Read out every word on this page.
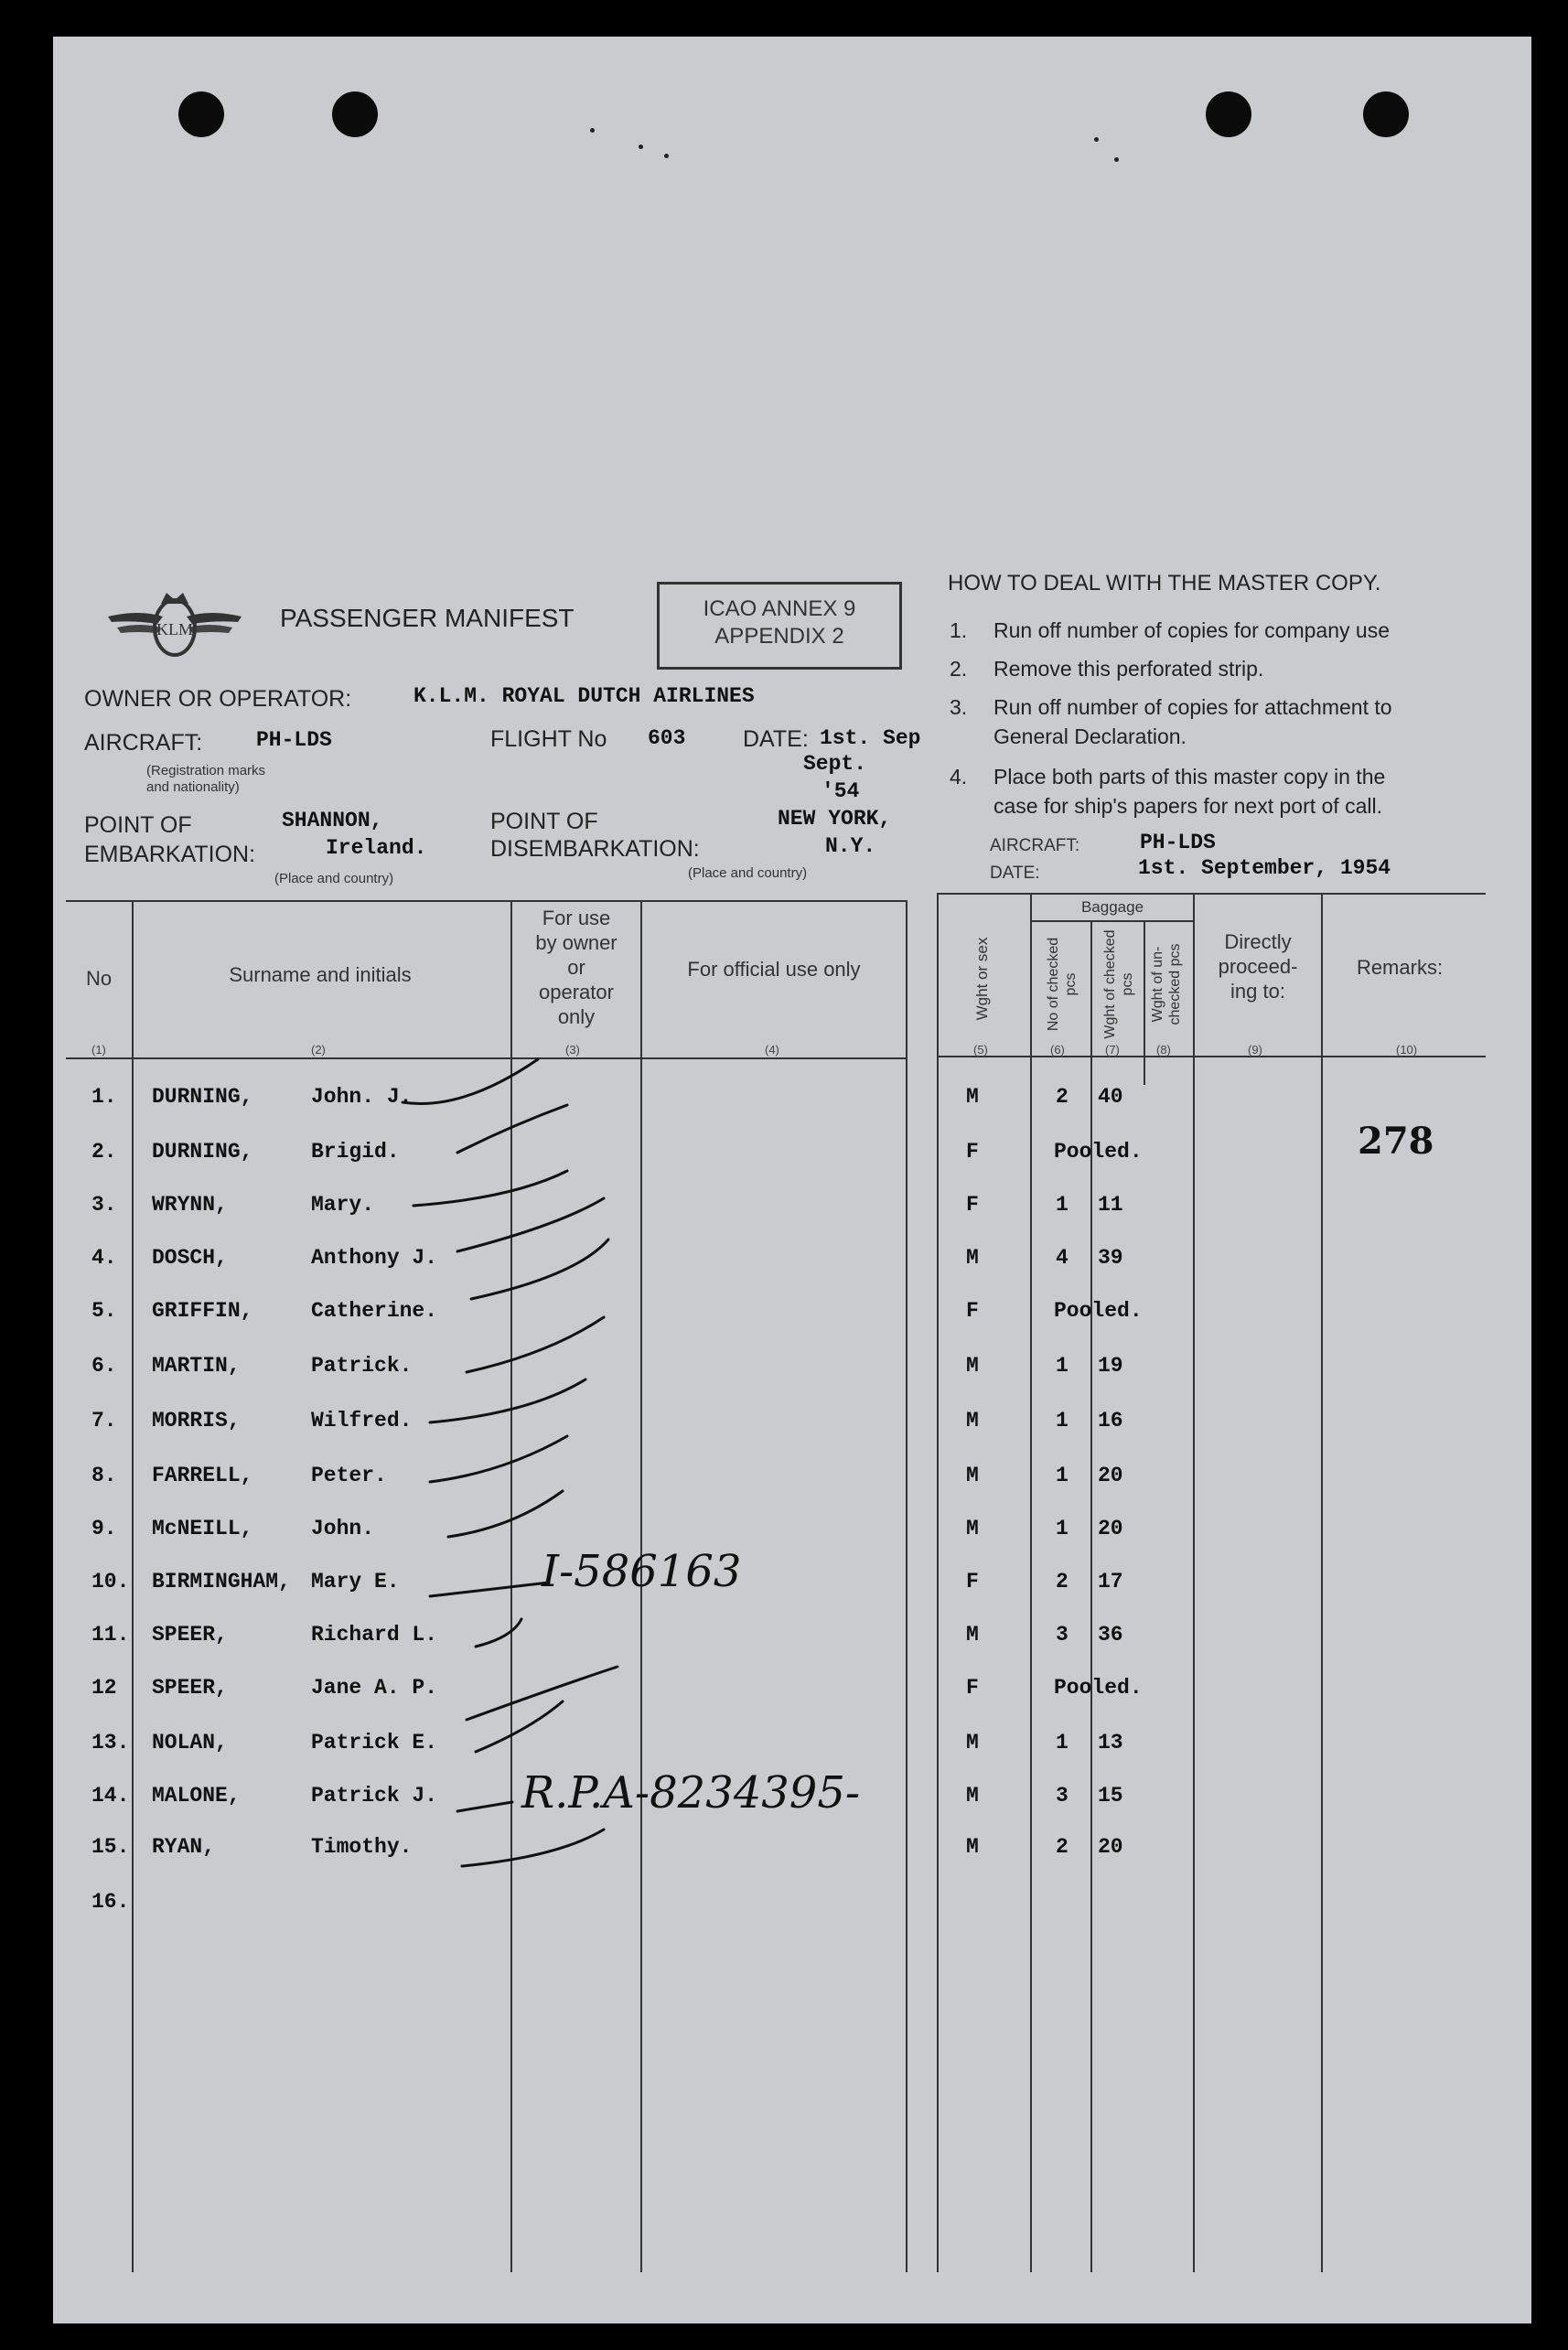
KLM	PASSENGER MANIFEST	ICAO ANNEX 9
APPENDIX 2
OWNER OR OPERATOR:	K.L.M. ROYAL DUTCH AIRLINES
AIRCRAFT:	PH-LDS
(Registration marks
and nationality)
FLIGHT No 603	DATE: 1st. Sep
Sept.
'54
POINT OF
EMBARKATION:
SHANNON,
Ireland.
(Place and country)
POINT OF
DISEMBARKATION:
NEW YORK,
N.Y.
(Place and country)
HOW TO DEAL WITH THE MASTER COPY.
1. Run off number of copies for company use
2. Remove this perforated strip.
3. Run off number of copies for attachment to
General Declaration.
4. Place both parts of this master copy in the
case for ship's papers for next port of call.
AIRCRAFT:	PH-LDS
DATE:	1st. September, 1954
No	Surname and initials
For use
by owner
or
operator
only
For official use only	Wght or sex
Baggage
No of checked pcs Wght of checked pcs Wght of un-checked pcs
Directly
proceed-
ing to:
Remarks:
(1)	(2)	(3)	(4)	(5)	(6)	(7)	(8)	(9)	(10)
1. DURNING,	John. J.	M	2 40
2. DURNING,	Brigid.	F	Pooled.
3. WRYNN,	Mary.	F	1 11
4. DOSCH,	Anthony J.	M	4 39
5. GRIFFIN,	Catherine.	F	Pooled.
6. MARTIN,	Patrick.	M	1 19
7. MORRIS,	Wilfred.	M	1 16
8. FARRELL,	Peter.	M	1 20
9. McNEILL,	John.	M	1 20
10. BIRMINGHAM, Mary E.	F	2 17
11. SPEER,	Richard L.	M	3 36
12 SPEER,	Jane A. P.	F	Pooled.
13. NOLAN,	Patrick E.	M	1 13
14. MALONE,	Patrick J.	M	3 15
15. RYAN,	Timothy.	M	2 20
16.
I-586163
R.P.A-8234395-
278
